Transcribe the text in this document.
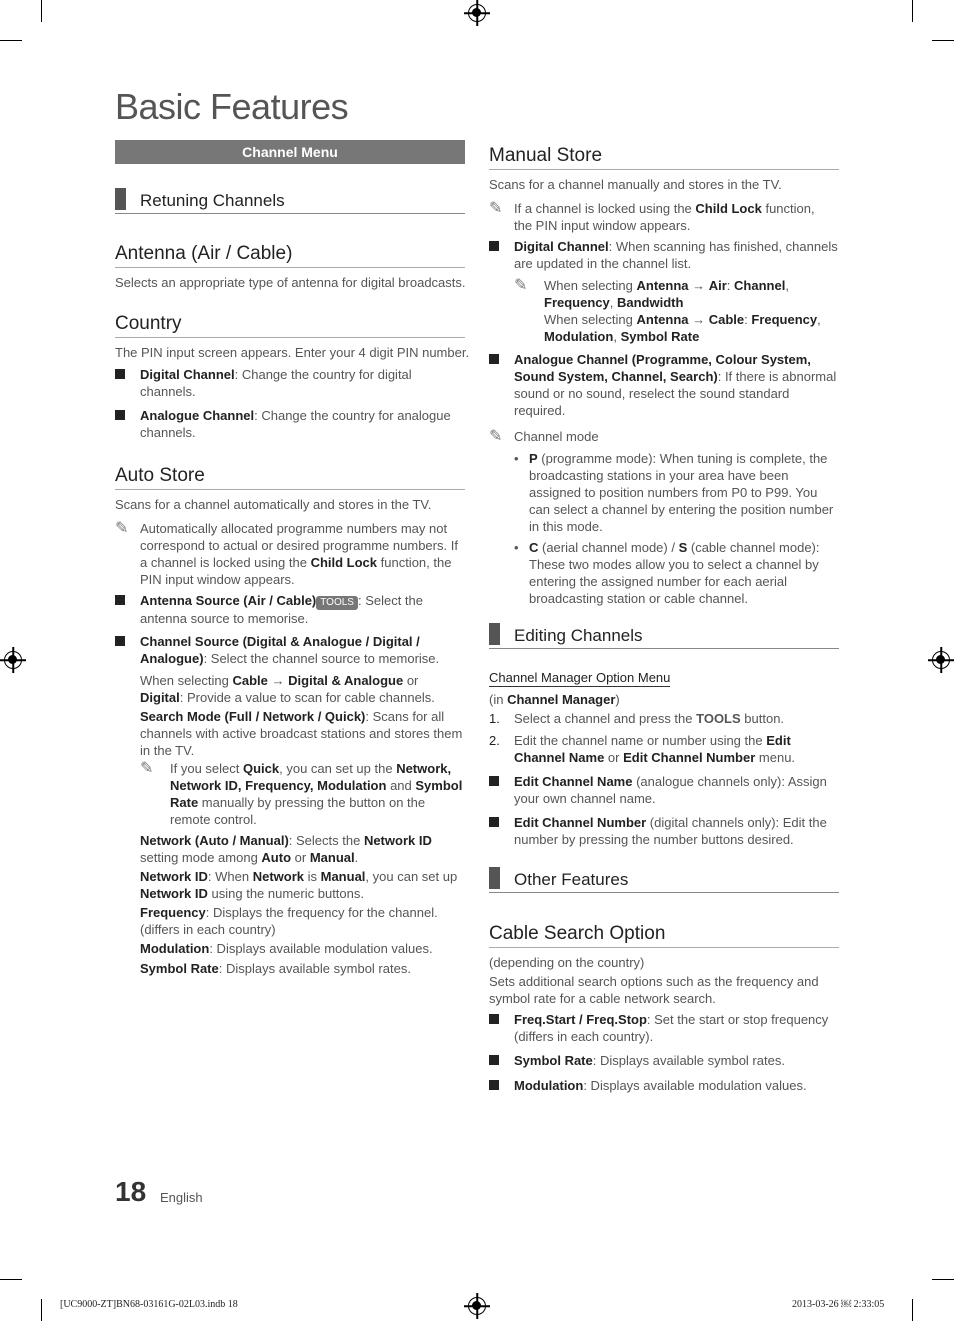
Basic Features
Channel Menu
Retuning Channels
Antenna (Air / Cable)
Selects an appropriate type of antenna for digital broadcasts.
Country
The PIN input screen appears. Enter your 4 digit PIN number.
Digital Channel: Change the country for digital channels.
Analogue Channel: Change the country for analogue channels.
Auto Store
Scans for a channel automatically and stores in the TV.
✎ Automatically allocated programme numbers may not correspond to actual or desired programme numbers. If a channel is locked using the Child Lock function, the PIN input window appears.
Antenna Source (Air / Cable) TOOLS : Select the antenna source to memorise.
Channel Source (Digital & Analogue / Digital / Analogue): Select the channel source to memorise.
When selecting Cable → Digital & Analogue or Digital: Provide a value to scan for cable channels.
Search Mode (Full / Network / Quick): Scans for all channels with active broadcast stations and stores them in the TV.
✎ If you select Quick, you can set up the Network, Network ID, Frequency, Modulation and Symbol Rate manually by pressing the button on the remote control.
Network (Auto / Manual): Selects the Network ID setting mode among Auto or Manual.
Network ID: When Network is Manual, you can set up Network ID using the numeric buttons.
Frequency: Displays the frequency for the channel. (differs in each country)
Modulation: Displays available modulation values.
Symbol Rate: Displays available symbol rates.
Manual Store
Scans for a channel manually and stores in the TV.
✎ If a channel is locked using the Child Lock function, the PIN input window appears.
Digital Channel: When scanning has finished, channels are updated in the channel list.
✎ When selecting Antenna → Air: Channel, Frequency, Bandwidth
When selecting Antenna → Cable: Frequency, Modulation, Symbol Rate
Analogue Channel (Programme, Colour System, Sound System, Channel, Search): If there is abnormal sound or no sound, reselect the sound standard required.
✎ Channel mode
• P (programme mode): When tuning is complete, the broadcasting stations in your area have been assigned to position numbers from P0 to P99. You can select a channel by entering the position number in this mode.
• C (aerial channel mode) / S (cable channel mode): These two modes allow you to select a channel by entering the assigned number for each aerial broadcasting station or cable channel.
Editing Channels
Channel Manager Option Menu
(in Channel Manager)
1. Select a channel and press the TOOLS button.
2. Edit the channel name or number using the Edit Channel Name or Edit Channel Number menu.
Edit Channel Name (analogue channels only): Assign your own channel name.
Edit Channel Number (digital channels only): Edit the number by pressing the number buttons desired.
Other Features
Cable Search Option
(depending on the country)
Sets additional search options such as the frequency and symbol rate for a cable network search.
Freq.Start / Freq.Stop: Set the start or stop frequency (differs in each country).
Symbol Rate: Displays available symbol rates.
Modulation: Displays available modulation values.
18 English
[UC9000-ZT]BN68-03161G-02L03.indb 18	2013-03-26 ￼ 2:33:05
